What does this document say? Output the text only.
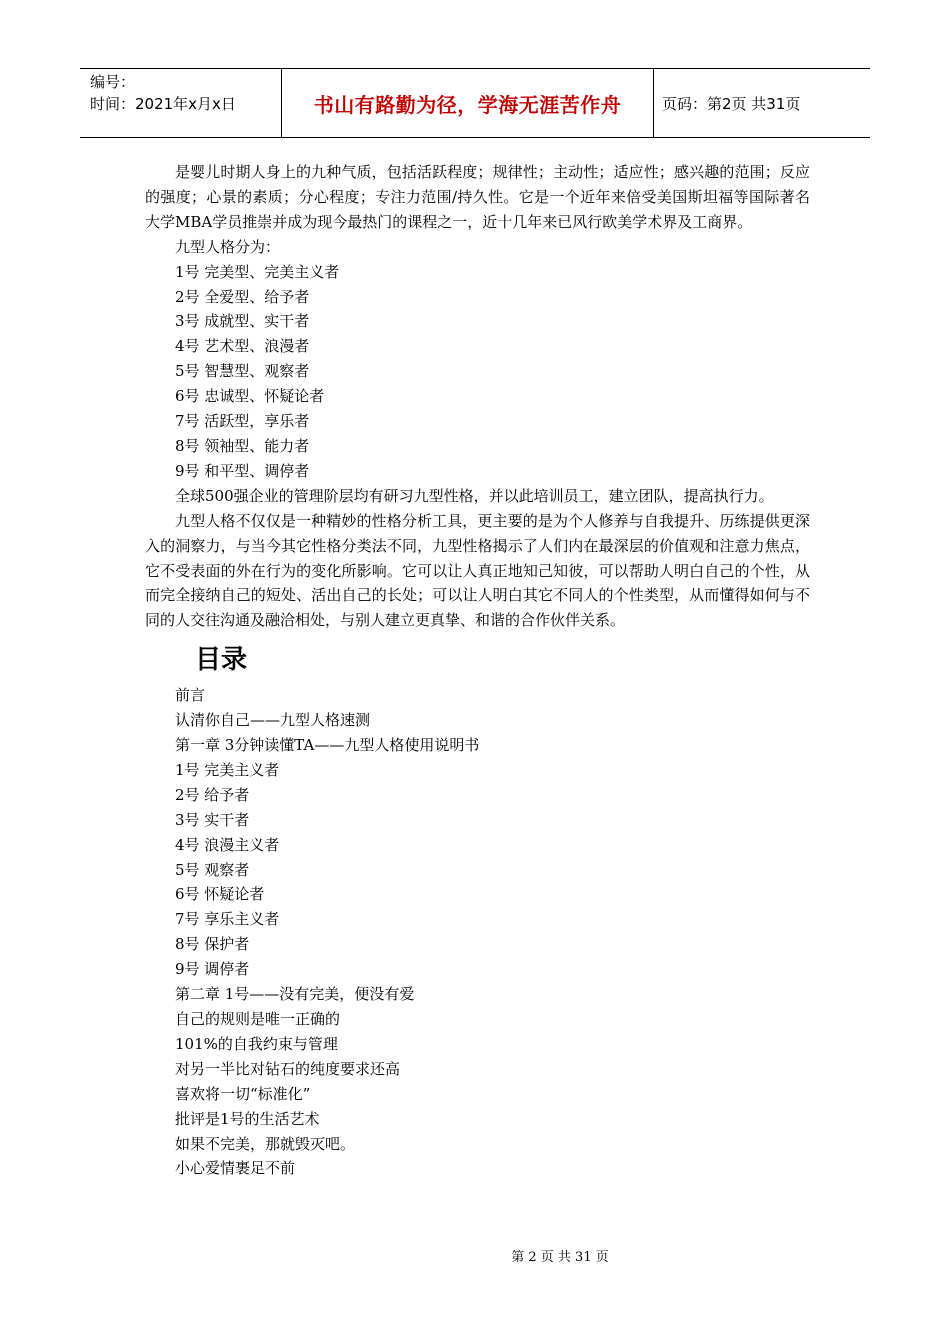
编号：
时间：2021年x月x日	书山有路勤为径，学海无涯苦作舟	页码：第2页 共31页

是婴儿时期人身上的九种气质，包括活跃程度；规律性；主动性；适应性；感兴趣的范围；反应的强度；心景的素质；分心程度；专注力范围/持久性。它是一个近年来倍受美国斯坦福等国际著名大学MBA学员推崇并成为现今最热门的课程之一，近十几年来已风行欧美学术界及工商界。

九型人格分为：
1号 完美型、完美主义者
2号 全爱型、给予者
3号 成就型、实干者
4号 艺术型、浪漫者
5号 智慧型、观察者
6号 忠诚型、怀疑论者
7号 活跃型，享乐者
8号 领袖型、能力者
9号 和平型、调停者

全球500强企业的管理阶层均有研习九型性格，并以此培训员工，建立团队，提高执行力。

九型人格不仅仅是一种精妙的性格分析工具，更主要的是为个人修养与自我提升、历练提供更深入的洞察力，与当今其它性格分类法不同，九型性格揭示了人们内在最深层的价值观和注意力焦点，它不受表面的外在行为的变化所影响。它可以让人真正地知己知彼，可以帮助人明白自己的个性，从而完全接纳自己的短处、活出自己的长处；可以让人明白其它不同人的个性类型，从而懂得如何与不同的人交往沟通及融洽相处，与别人建立更真挚、和谐的合作伙伴关系。

目录
前言
认清你自己——九型人格速测
第一章 3分钟读懂TA——九型人格使用说明书
1号 完美主义者
2号 给予者
3号 实干者
4号 浪漫主义者
5号 观察者
6号 怀疑论者
7号 享乐主义者
8号 保护者
9号 调停者
第二章 1号——没有完美，便没有爱
自己的规则是唯一正确的
101%的自我约束与管理
对另一半比对钻石的纯度要求还高
喜欢将一切“标准化”
批评是1号的生活艺术
如果不完美，那就毁灭吧。
小心爱情裹足不前
第 2 页 共 31 页
